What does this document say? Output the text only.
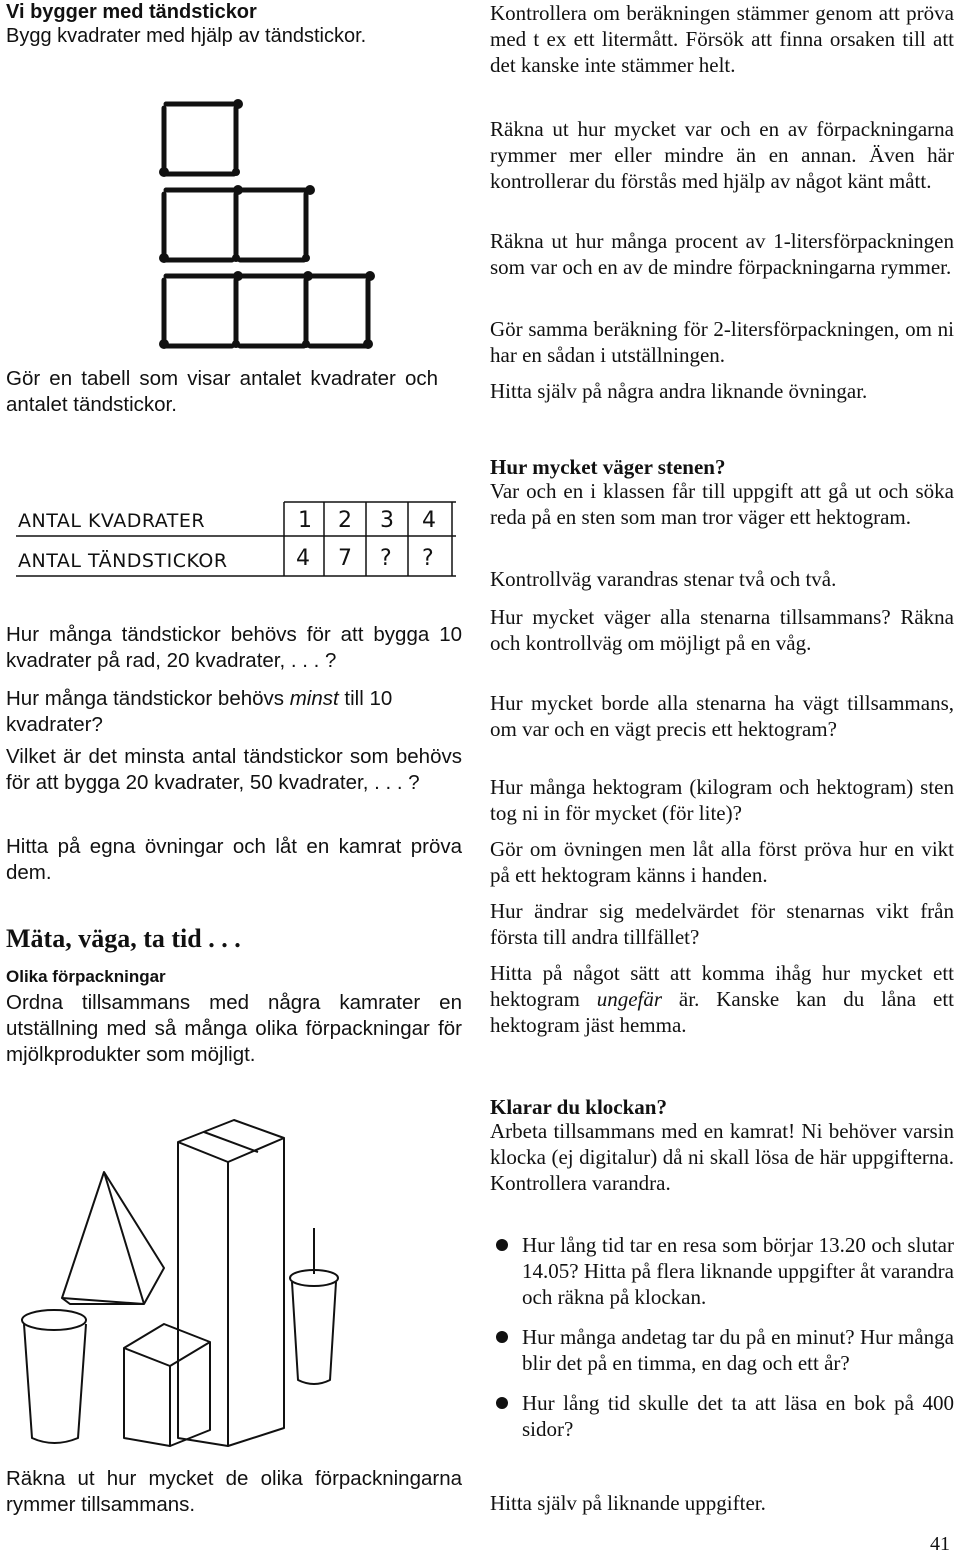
Vi bygger med tändstickor

Bygg kvadrater med hjälp av tändstickor.

Gör en tabell som visar antalet kvadrater och antalet tändstickor.

ANTAL KVADRATER
ANTAL TÄNDSTICKOR
1 2 3 4
4 7 ? ?

Hur många tändstickor behövs för att bygga 10 kvadrater på rad, 20 kvadrater, . . . ?

Hur många tändstickor behövs minst till 10 kvadrater?

Vilket är det minsta antal tändstickor som behövs för att bygga 20 kvadrater, 50 kvadrater, . . . ?

Hitta på egna övningar och låt en kamrat pröva dem.

Mäta, väga, ta tid . . .

Olika förpackningar

Ordna tillsammans med några kamrater en utställning med så många olika förpackningar för mjölkprodukter som möjligt.

Räkna ut hur mycket de olika förpackningarna rymmer tillsammans.

Kontrollera om beräkningen stämmer genom att pröva med t ex ett litermått. Försök att finna orsaken till att det kanske inte stämmer helt.

Räkna ut hur mycket var och en av förpackningarna rymmer mer eller mindre än en annan. Även här kontrollerar du förstås med hjälp av något känt mått.

Räkna ut hur många procent av 1-litersförpackningen som var och en av de mindre förpackningarna rymmer.

Gör samma beräkning för 2-litersförpackningen, om ni har en sådan i utställningen.

Hitta själv på några andra liknande övningar.

Hur mycket väger stenen?

Var och en i klassen får till uppgift att gå ut och söka reda på en sten som man tror väger ett hektogram.

Kontrollväg varandras stenar två och två.

Hur mycket väger alla stenarna tillsammans? Räkna och kontrollväg om möjligt på en våg.

Hur mycket borde alla stenarna ha vägt tillsammans, om var och en vägt precis ett hektogram?

Hur många hektogram (kilogram och hektogram) sten tog ni in för mycket (för lite)?

Gör om övningen men låt alla först pröva hur en vikt på ett hektogram känns i handen.

Hur ändrar sig medelvärdet för stenarnas vikt från första till andra tillfället?

Hitta på något sätt att komma ihåg hur mycket ett hektogram ungefär är. Kanske kan du låna ett hektogram jäst hemma.

Klarar du klockan?

Arbeta tillsammans med en kamrat! Ni behöver varsin klocka (ej digitalur) då ni skall lösa de här uppgifterna. Kontrollera varandra.

Hur lång tid tar en resa som börjar 13.20 och slutar 14.05? Hitta på flera liknande uppgifter åt varandra och räkna på klockan.
Hur många andetag tar du på en minut? Hur många blir det på en timma, en dag och ett år?
Hur lång tid skulle det ta att läsa en bok på 400 sidor?

Hitta själv på liknande uppgifter.

41
